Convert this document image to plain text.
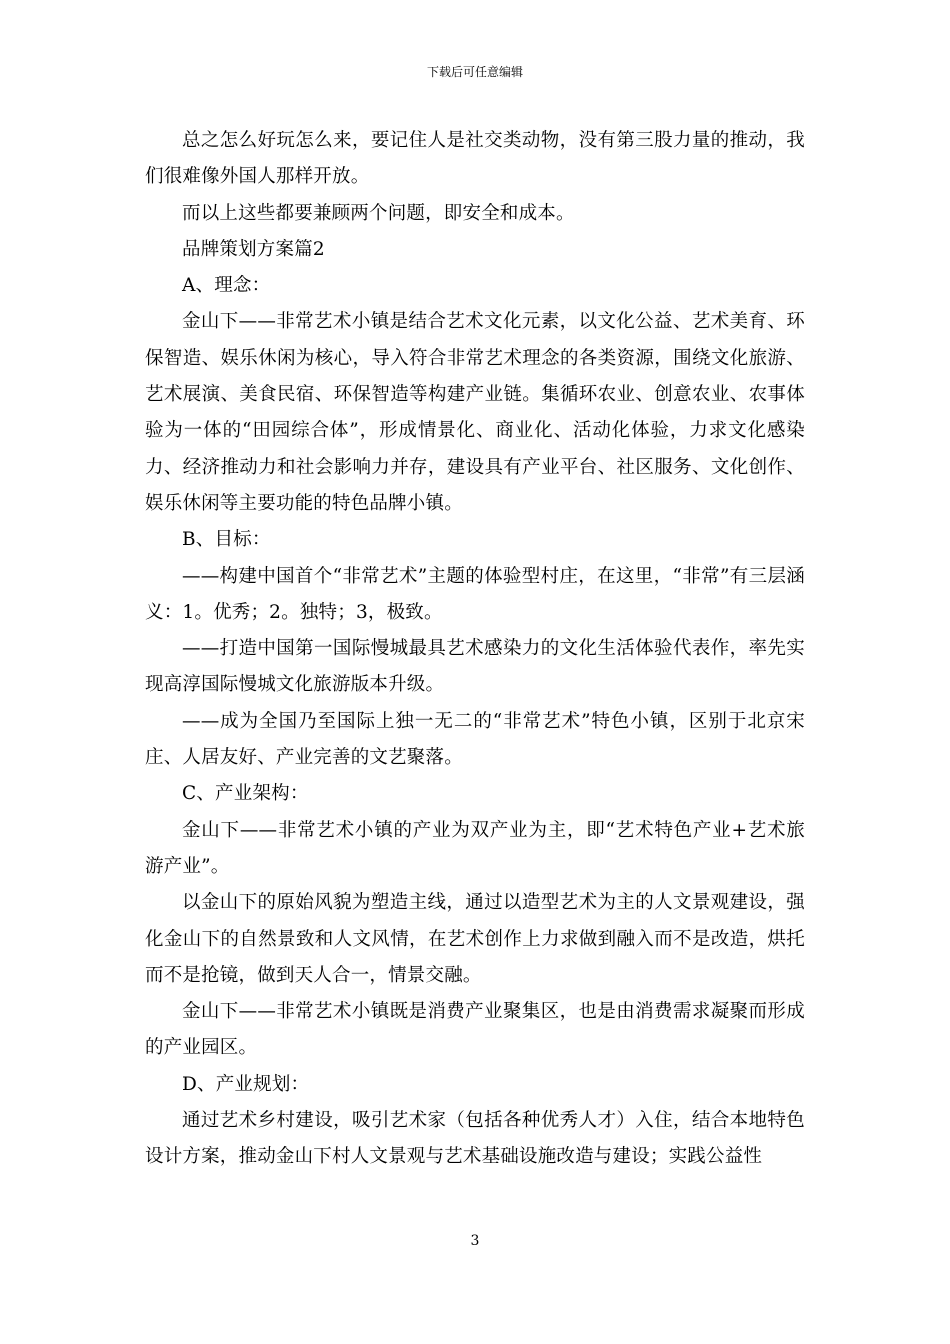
下载后可任意编辑

总之怎么好玩怎么来，要记住人是社交类动物，没有第三股力量的推动，我们很难像外国人那样开放。

而以上这些都要兼顾两个问题，即安全和成本。

品牌策划方案篇2

A、理念：

金山下——非常艺术小镇是结合艺术文化元素，以文化公益、艺术美育、环保智造、娱乐休闲为核心，导入符合非常艺术理念的各类资源，围绕文化旅游、艺术展演、美食民宿、环保智造等构建产业链。集循环农业、创意农业、农事体验为一体的“田园综合体”，形成情景化、商业化、活动化体验，力求文化感染力、经济推动力和社会影响力并存，建设具有产业平台、社区服务、文化创作、娱乐休闲等主要功能的特色品牌小镇。

B、目标：

——构建中国首个“非常艺术”主题的体验型村庄，在这里，“非常”有三层涵义：1。优秀；2。独特；3，极致。

——打造中国第一国际慢城最具艺术感染力的文化生活体验代表作，率先实现高淳国际慢城文化旅游版本升级。

——成为全国乃至国际上独一无二的“非常艺术”特色小镇，区别于北京宋庄、人居友好、产业完善的文艺聚落。

C、产业架构：

金山下——非常艺术小镇的产业为双产业为主，即“艺术特色产业+艺术旅游产业”。

以金山下的原始风貌为塑造主线，通过以造型艺术为主的人文景观建设，强化金山下的自然景致和人文风情，在艺术创作上力求做到融入而不是改造，烘托而不是抢镜，做到天人合一，情景交融。

金山下——非常艺术小镇既是消费产业聚集区，也是由消费需求凝聚而形成的产业园区。

D、产业规划：

通过艺术乡村建设，吸引艺术家（包括各种优秀人才）入住，结合本地特色设计方案，推动金山下村人文景观与艺术基础设施改造与建设；实践公益性

3
